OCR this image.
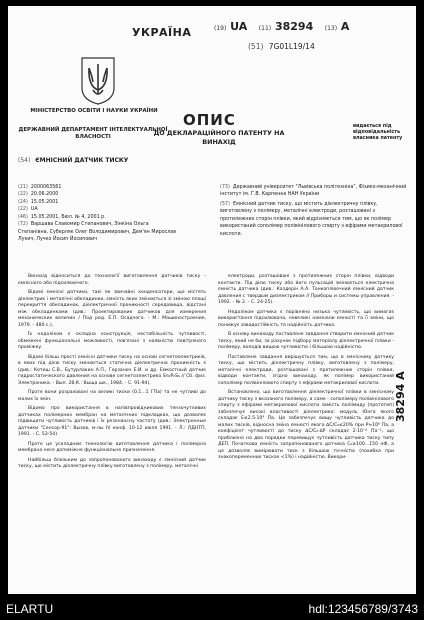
УКРАЇНА
МІНІСТЕРСТВО ОСВІТИ І НАУКИ УКРАЇНИ
ДЕРЖАВНИЙ ДЕПАРТАМЕНТ ІНТЕЛЕКТУАЛЬНОЇ ВЛАСНОСТІ
(19) UA (11) 38294 (13) A
(51) 7G01L19/14
ОПИС
ДО ДЕКЛАРАЦІЙНОГО ПАТЕНТУ НА ВИНАХІД
видається під відповідальність власника патенту
(54) ЄМНІСНИЙ ДАТЧИК ТИСКУ
(21) 2000063561
(22) 20.06.2000
(24) 15.05.2001
(22) UA
(46) 15.05.2001, Бюл. № 4, 2001 р.
(72) Варшава Славомир Степанович, Зінкіна Ольга Степанівна, Суберляк Олег Володимирович, Дем'ян Мирослав Лукич, Лучко Йосип Йосипович
(73) Державний університет "Львівська політехніка", Фізико-механічний інститут ім. Г.В. Карпенка НАН України
(57) Ємнісний датчик тиску, що містить діелектричну плівку, виготовлену з полімеру, металічні електроди, розташовані з протилежних сторін плівки, який відрізняється тим, що як полімер використаний сополімер полівінілового спирту з ефірами метакрилової кислоти.

Винахід відноситься до технології виготовлення датчиків тиску - ємнісного або підсилюючого.

Відомі ємнісні датчики, такі як звичайні конденсатори, що містять діелектрик і металічні обкладинки, ємність яких змінюється зі зміною площі перекриття обкладинок, діелектричної проникності середовища, відстані між обкладинками (див.: Проектирование датчиков для измерения механических величин / Под ред. Е.П. Осадчого. - М.: Машиностроение, 1979. - 480 с.).

Їх недоліком є складна конструкція, нестабільність чутливості, обмежені функціональні можливості, пов'язані з наявністю повітряного проміжку.

Відомі більш прості ємнісні датчики тиску на основі сегнетоелектриків, в яких під дією тиску змінюється статична діелектрична проникність є (див.: Котиш С.В., Бутурлакин А.П., Герзанич Е.И. и др. Емкостный датчик гидростатического давления на основе сегнетоэлектрика Sn₂P₂S₆ // Сб. физ. Электроника. - Вып. 28.К.: Выща шк., 1984. - С. 91-94).

Проте вони розраховані на великі тиски (0,1...1 ГПа) та не чутливі до малих їх змін.

Відомо про використання в напівпровідникових тензочутливих датчиках полімерних мембран на металічних підкладках, що дозволяє підвищити чутливість датчиків і їх резонансну частоту (див.: Электронные датчики "Сенсор-91": Вызов, м-лы IV конф. 10-12 июля 1991. - Л.: ЛДНТП, 1991. - С. 53-54).

Проте це ускладнює технологію виготовлення датчика і полімерна мембрана несе допоміжне функціональне призначення.

Найбільш близьким до запропонованого винаходу є ємнісний датчик тиску, що містить діелектричну плівку виготовлену з полімеру, металічні

електроди, розташовані з протилежних сторін плівки, відводи контакти. Під дією тиску або його пульсацій змінюється електрична ємність датчика (див.: Каздерін А.А. Тонкоплівочний ємнісний датчик давления с твердым диэлектриком // Приборы и системы управления. - 1992. - № 2. - С. 24-25).

Недоліком датчика є порівняно низька чутливість, що вимагає використання підсилювача, невеликі номінали ємності та її зміни, що понижує завадостійкість та надійність датчика.

В основу винаходу поставлене завдання створити ємнісний датчик тиску, який не би, за рахунок підбору матеріалу діелектричної плівки - полімеру, володів вищою чутливістю і більшою надійністю.

Поставлене завдання вирішується тим, що в ємнісному датчику тиску, що містить діелектричну плівку, виготовлену з полімеру, металічні електроди, розташовані з протилежних сторін плівки, відводи контакти, згідно винаходу, як полімер використаний сополімер полівінілового спирту з ефірами метакрилової кислоти.

Встановлено, що виготовлення діелектричної плівки в ємнісному датчику тиску з вказаного полімеру, а саме - сополімеру полівінілового спирту з ефірами метакрилової кислоти замість поліімиду (прототип) забезпечує високі властивості діелектрика: модуль Юнга якого складає Е≤2,5·10⁹ Па. Це забезпечує вищу чутливість датчика до малих тисків, відносна зміна ємності якого ∆С/С₀≤20% при Р≈10⁶ Па, а коефіцієнт чутливості до тиску ∆С/С₀·∆Р складає 2·10⁻⁶ Па⁻¹, що приблизно на два порядки перевищує чутливість датчика тиску типу ДЕП. Початкова ємність запропонованого датчика С₀≥100...150 нФ, а це дозволяє вимірювати тиск з більшою точністю (похибка при знакопеременних тисках <1%) і надійністю. Викори-

38294 A
ELARTU	hdl:123456789/3743
